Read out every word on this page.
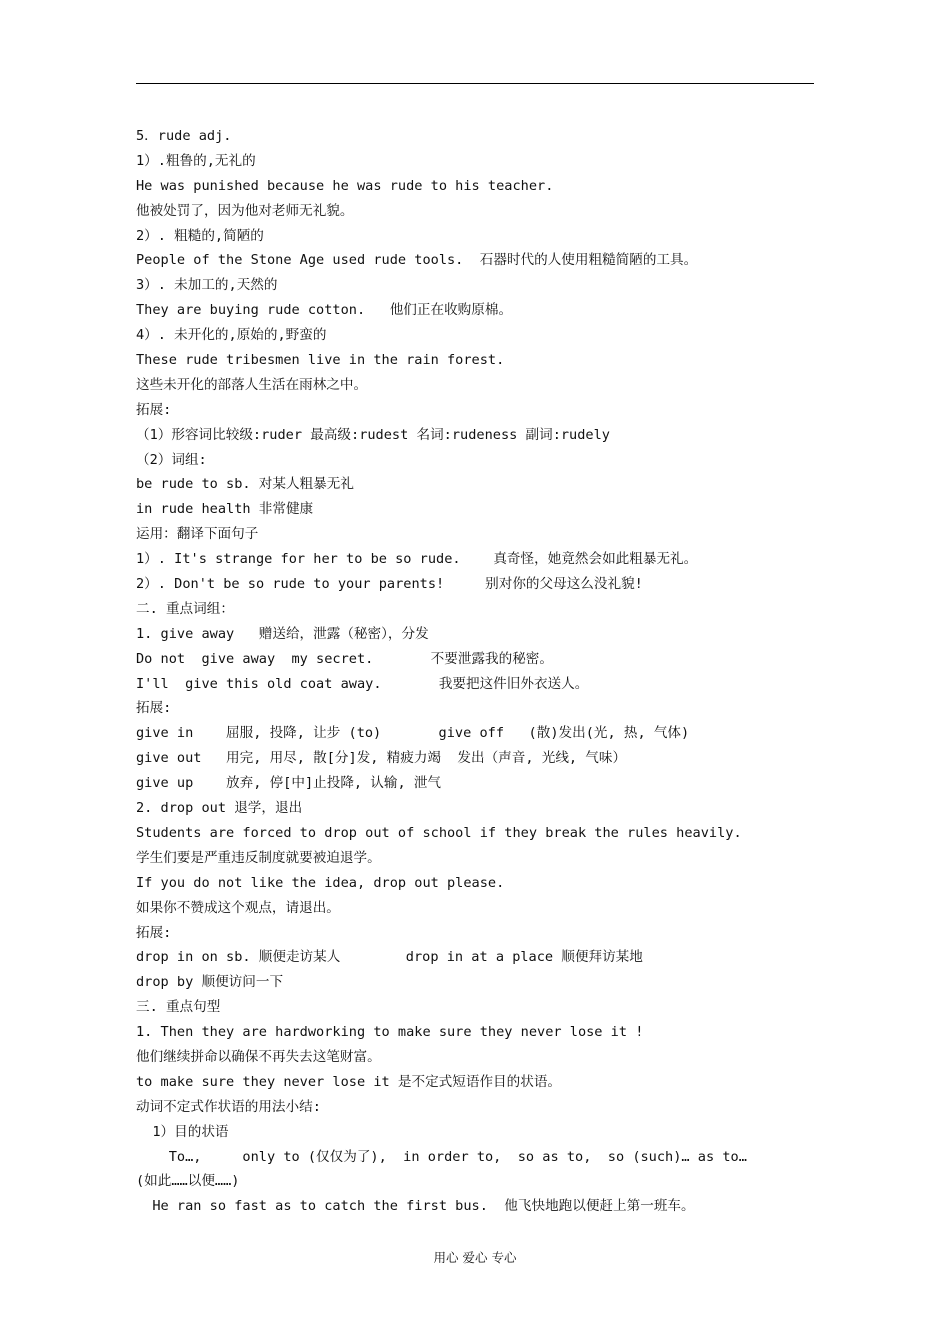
5．rude adj.
1）.粗鲁的,无礼的
He was punished because he was rude to his teacher.
他被处罚了，因为他对老师无礼貌。
2）. 粗糙的,简陋的
People of the Stone Age used rude tools.  石器时代的人使用粗糙简陋的工具。
3）. 未加工的,天然的
They are buying rude cotton.   他们正在收购原棉。
4）. 未开化的,原始的,野蛮的
These rude tribesmen live in the rain forest.
这些未开化的部落人生活在雨林之中。
拓展:
（1）形容词比较级:ruder 最高级:rudest 名词:rudeness 副词:rudely
（2）词组:
be rude to sb. 对某人粗暴无礼
in rude health 非常健康
运用：翻译下面句子
1）. It's strange for her to be so rude.    真奇怪，她竟然会如此粗暴无礼。
2）. Don't be so rude to your parents!     别对你的父母这么没礼貌!
二. 重点词组：
1. give away   赠送给，泄露（秘密），分发
Do not  give away  my secret.       不要泄露我的秘密。
I'll  give this old coat away.       我要把这件旧外衣送人。
拓展:
give in    屈服, 投降, 让步 (to)       give off   (散)发出(光, 热, 气体)
give out   用完, 用尽, 散[分]发, 精疲力竭  发出（声音, 光线, 气味）
give up    放弃, 停[中]止投降, 认输, 泄气
2. drop out 退学，退出
Students are forced to drop out of school if they break the rules heavily.
学生们要是严重违反制度就要被迫退学。
If you do not like the idea, drop out please.
如果你不赞成这个观点，请退出。
拓展:
drop in on sb. 顺便走访某人        drop in at a place 顺便拜访某地
drop by 顺便访问一下
三. 重点句型
1. Then they are hardworking to make sure they never lose it !
他们继续拼命以确保不再失去这笔财富。
to make sure they never lose it 是不定式短语作目的状语。
动词不定式作状语的用法小结:
1）目的状语
To…,     only to (仅仅为了),  in order to,  so as to,  so (such)… as to…
(如此……以便……)
He ran so fast as to catch the first bus.  他飞快地跑以便赶上第一班车。
用心 爱心 专心
